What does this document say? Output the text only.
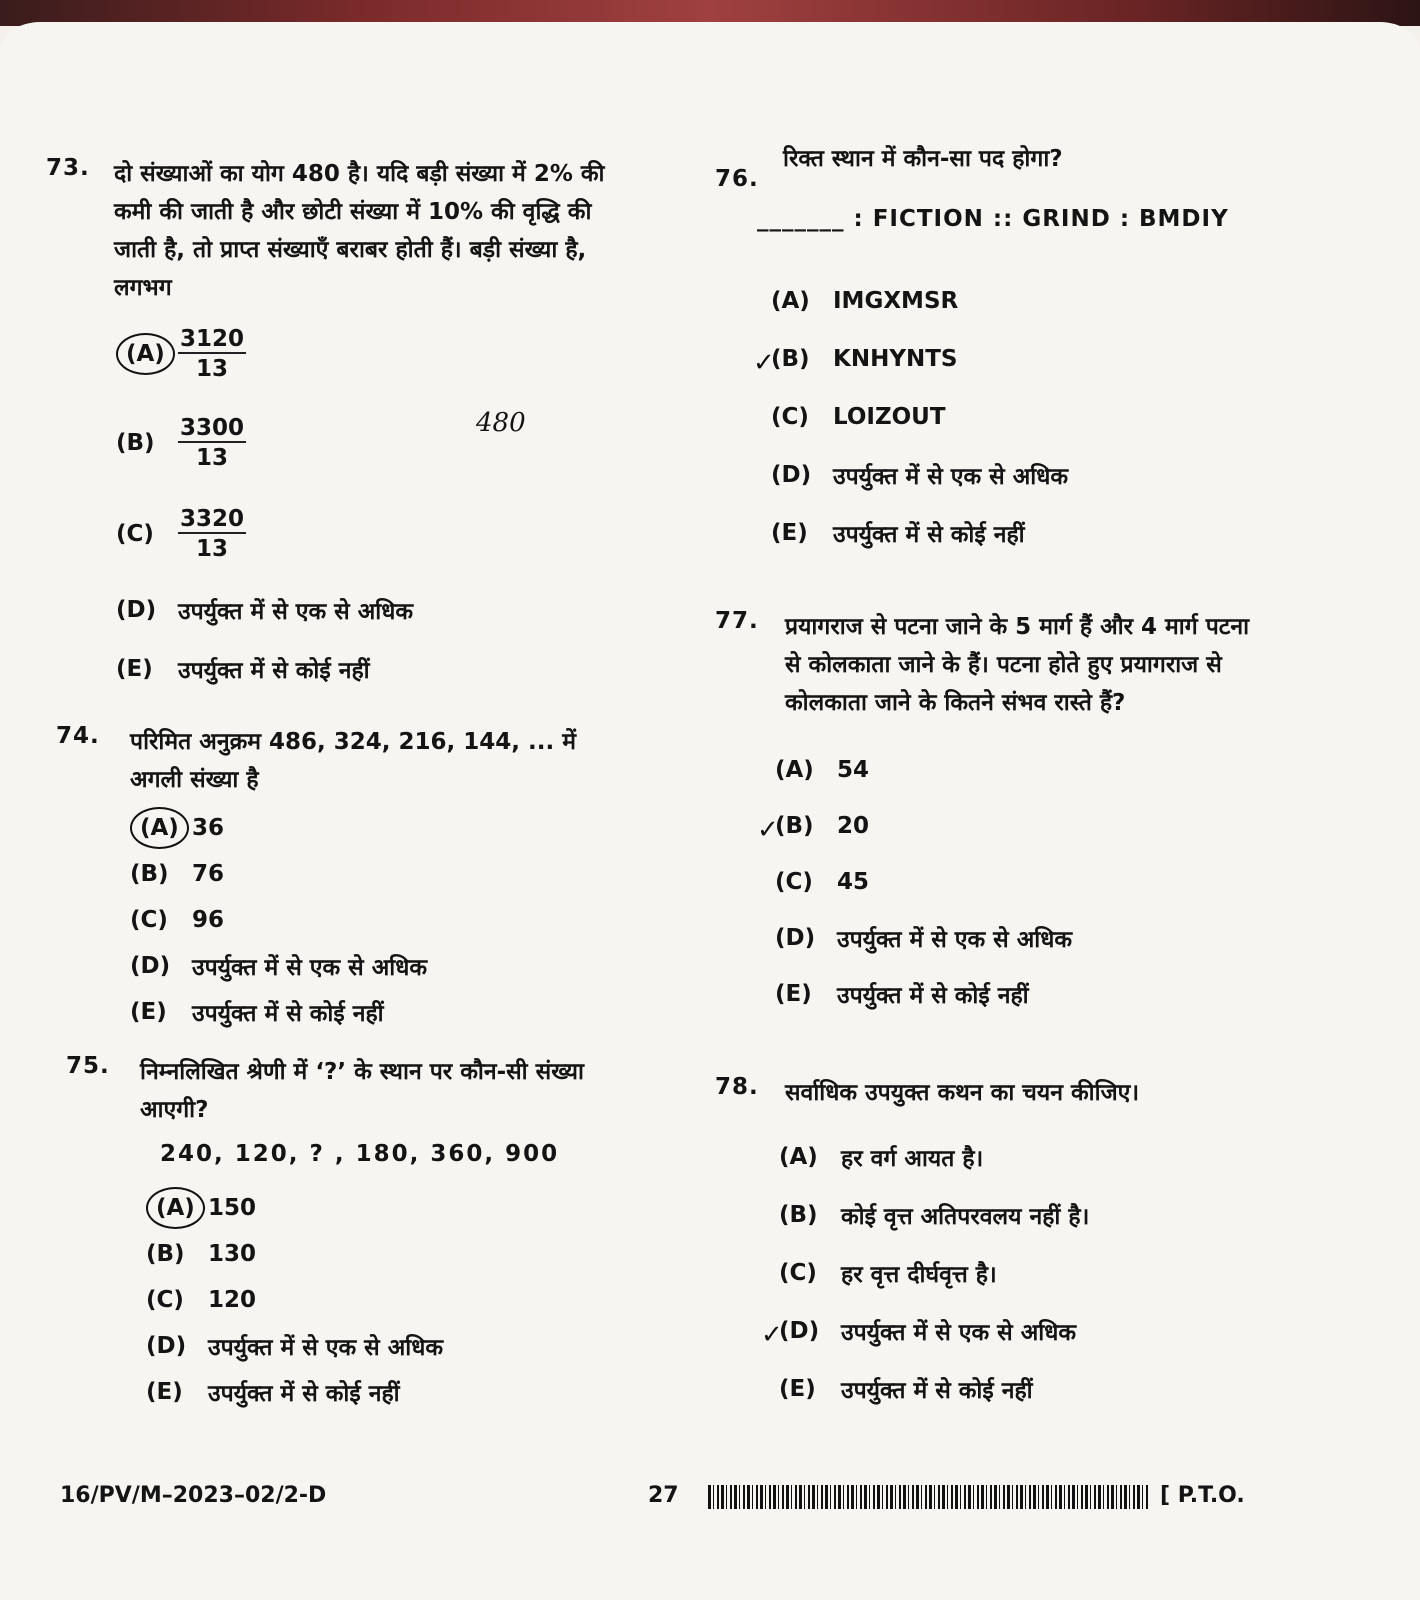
73.	दो संख्याओं का योग 480 है। यदि बड़ी संख्या में 2% की कमी की जाती है और छोटी संख्या में 10% की वृद्धि की जाती है, तो प्राप्त संख्याएँ बराबर होती हैं। बड़ी संख्या है, लगभग
$(A) \frac{3120}{13}$
(B)	$\frac{3300}{13}$
(C)	$\frac{3320}{13}$
(D) उपर्युक्त में से एक से अधिक
(E)	उपर्युक्त में से कोई नहीं
74.	परिमित अनुक्रम 486, 324, 216, 144, ... में अगली संख्या है
(A) 36
(B)	76
(C)	96
(D) उपर्युक्त में से एक से अधिक
(E)	उपर्युक्त में से कोई नहीं
75.	निम्नलिखित श्रेणी में ‘?’ के स्थान पर कौन-सी संख्या आएगी?
240, 120, ? , 180, 360, 900
(A) 150
(B)	130
(C)	120
(D) उपर्युक्त में से एक से अधिक
(E)	उपर्युक्त में से कोई नहीं
480
76.
रिक्त स्थान में कौन-सा पद होगा?
_______ : FICTION :: GRIND : BMDIY
(A)	IMGXMSR
✓
(B)	KNHYNTS
(C)	LOIZOUT
(D) उपर्युक्त में से एक से अधिक
(E)	उपर्युक्त में से कोई नहीं
77.	प्रयागराज से पटना जाने के 5 मार्ग हैं और 4 मार्ग पटना से कोलकाता जाने के हैं। पटना होते हुए प्रयागराज से कोलकाता जाने के कितने संभव रास्ते हैं?
(A)	54
✓
(B)	20
(C)	45
(D) उपर्युक्त में से एक से अधिक
(E)	उपर्युक्त में से कोई नहीं
78.	सर्वाधिक उपयुक्त कथन का चयन कीजिए।
(A)	हर वर्ग आयत है।
(B)	कोई वृत्त अतिपरवलय नहीं है।
(C)	हर वृत्त दीर्घवृत्त है।
✓
(D) उपर्युक्त में से एक से अधिक
(E)	उपर्युक्त में से कोई नहीं
16/PV/M–2023–02/2-D	27	[ P.T.O.
